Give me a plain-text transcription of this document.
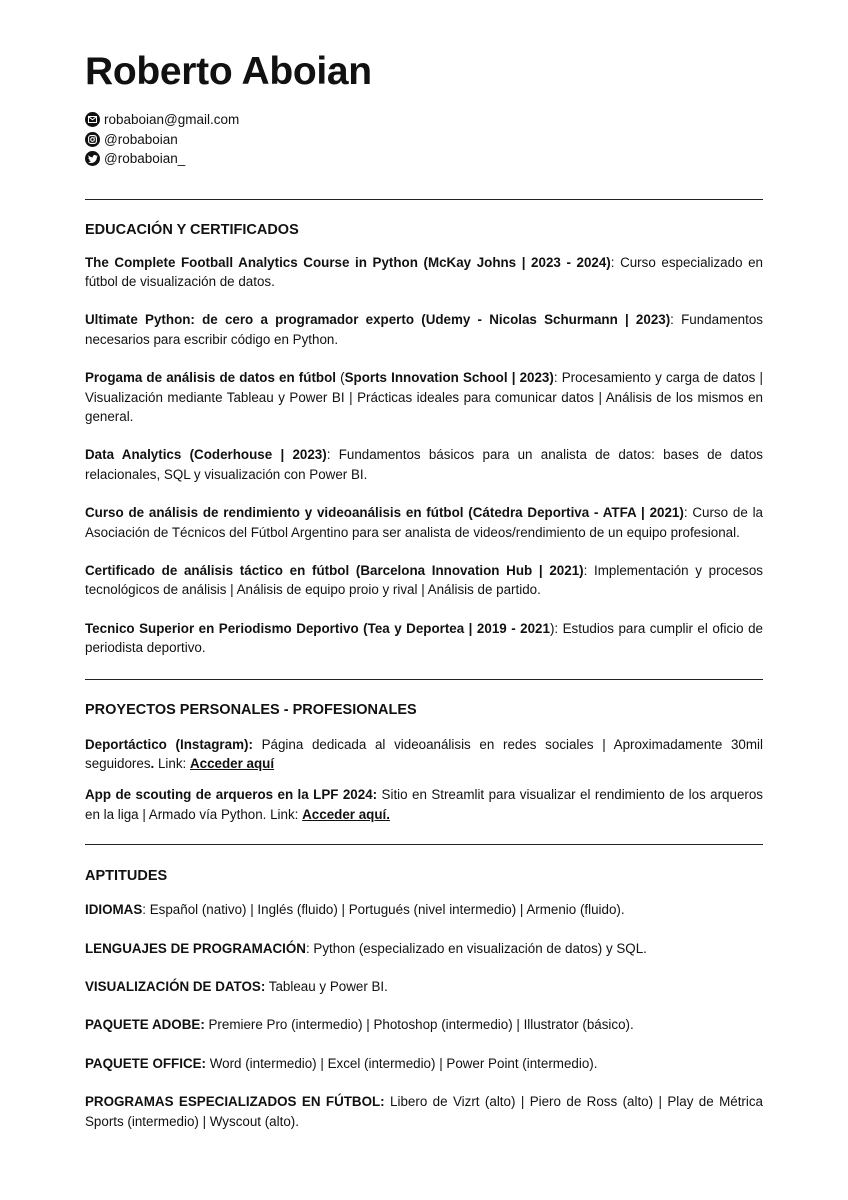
Roberto Aboian
robaboian@gmail.com
@robaboian
@robaboian_
EDUCACIÓN Y CERTIFICADOS

The Complete Football Analytics Course in Python (McKay Johns | 2023 - 2024): Curso especializado en fútbol de visualización de datos.

Ultimate Python: de cero a programador experto (Udemy - Nicolas Schurmann | 2023): Fundamentos necesarios para escribir código en Python.

Progama de análisis de datos en fútbol (Sports Innovation School | 2023): Procesamiento y carga de datos | Visualización mediante Tableau y Power BI | Prácticas ideales para comunicar datos | Análisis de los mismos en general.

Data Analytics (Coderhouse | 2023): Fundamentos básicos para un analista de datos: bases de datos relacionales, SQL y visualización con Power BI.

Curso de análisis de rendimiento y videoanálisis en fútbol (Cátedra Deportiva - ATFA | 2021): Curso de la Asociación de Técnicos del Fútbol Argentino para ser analista de videos/rendimiento de un equipo profesional.

Certificado de análisis táctico en fútbol (Barcelona Innovation Hub | 2021): Implementación y procesos tecnológicos de análisis | Análisis de equipo proio y rival | Análisis de partido.

Tecnico Superior en Periodismo Deportivo (Tea y Deportea | 2019 - 2021): Estudios para cumplir el oficio de periodista deportivo.

PROYECTOS PERSONALES - PROFESIONALES

Deportáctico (Instagram): Página dedicada al videoanálisis en redes sociales | Aproximadamente 30mil seguidores. Link: Acceder aquí

App de scouting de arqueros en la LPF 2024: Sitio en Streamlit para visualizar el rendimiento de los arqueros en la liga | Armado vía Python. Link: Acceder aquí.

APTITUDES

IDIOMAS: Español (nativo) | Inglés (fluido) | Portugués (nivel intermedio) | Armenio (fluido).

LENGUAJES DE PROGRAMACIÓN: Python (especializado en visualización de datos) y SQL.

VISUALIZACIÓN DE DATOS: Tableau y Power BI.

PAQUETE ADOBE: Premiere Pro (intermedio) | Photoshop (intermedio) | Illustrator (básico).

PAQUETE OFFICE: Word (intermedio) | Excel (intermedio) | Power Point (intermedio).

PROGRAMAS ESPECIALIZADOS EN FÚTBOL: Libero de Vizrt (alto) | Piero de Ross (alto) | Play de Métrica Sports (intermedio) | Wyscout (alto).
